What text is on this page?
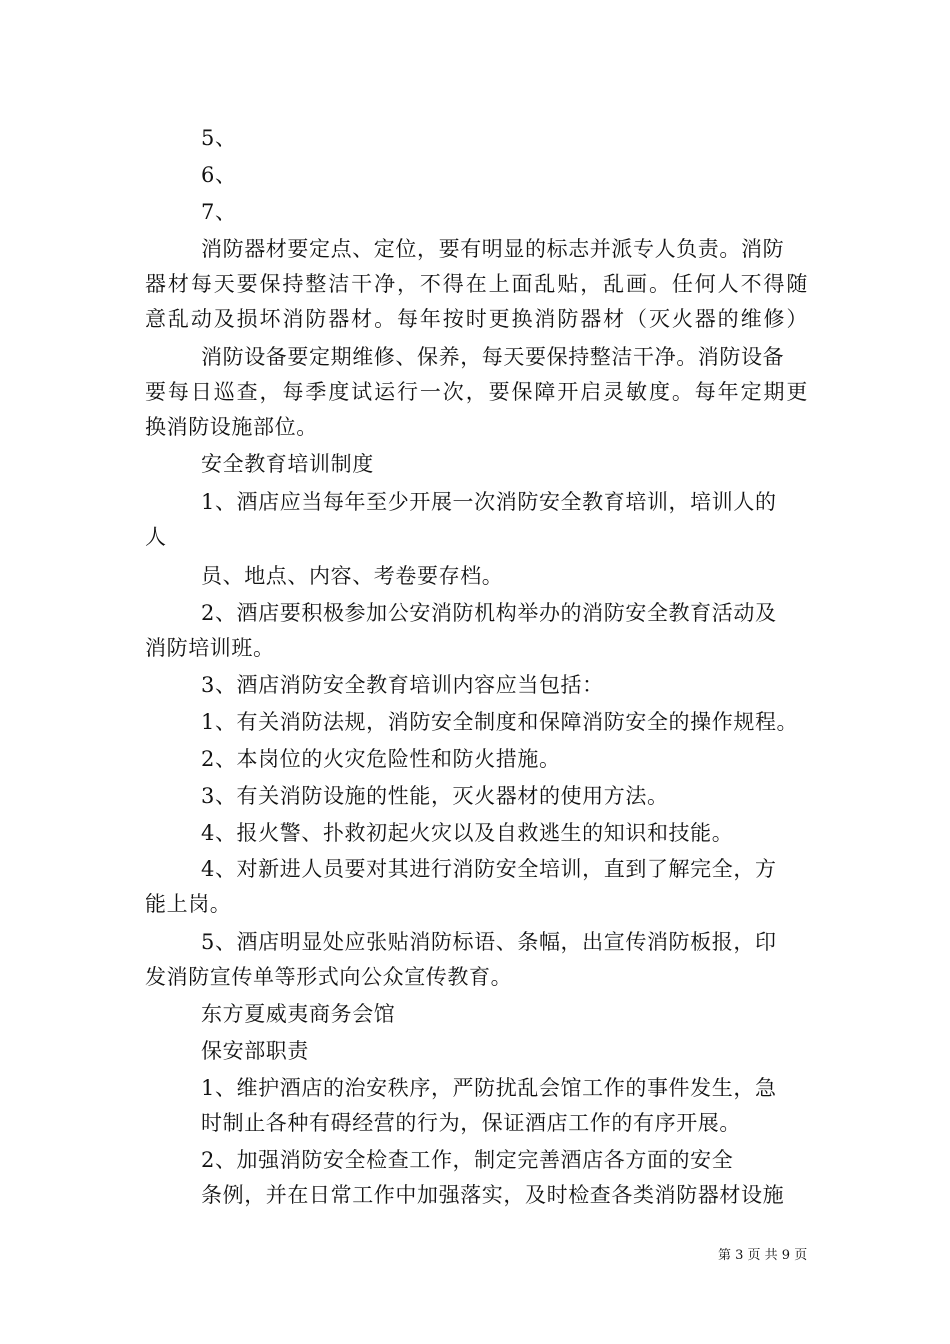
5、
6、
7、
消防器材要定点、定位，要有明显的标志并派专人负责。消防
器材每天要保持整洁干净，不得在上面乱贴，乱画。任何人不得随
意乱动及损坏消防器材。每年按时更换消防器材（灭火器的维修）
消防设备要定期维修、保养，每天要保持整洁干净。消防设备
要每日巡查，每季度试运行一次，要保障开启灵敏度。每年定期更
换消防设施部位。
安全教育培训制度
1、酒店应当每年至少开展一次消防安全教育培训，培训人的
人
员、地点、内容、考卷要存档。
2、酒店要积极参加公安消防机构举办的消防安全教育活动及
消防培训班。
3、酒店消防安全教育培训内容应当包括：
1、有关消防法规，消防安全制度和保障消防安全的操作规程。
2、本岗位的火灾危险性和防火措施。
3、有关消防设施的性能，灭火器材的使用方法。
4、报火警、扑救初起火灾以及自救逃生的知识和技能。
4、对新进人员要对其进行消防安全培训，直到了解完全，方
能上岗。
5、酒店明显处应张贴消防标语、条幅，出宣传消防板报，印
发消防宣传单等形式向公众宣传教育。
东方夏威夷商务会馆
保安部职责
1、维护酒店的治安秩序，严防扰乱会馆工作的事件发生，急
时制止各种有碍经营的行为，保证酒店工作的有序开展。
2、加强消防安全检查工作，制定完善酒店各方面的安全
条例，并在日常工作中加强落实，及时检查各类消防器材设施
第 3 页 共 9 页
